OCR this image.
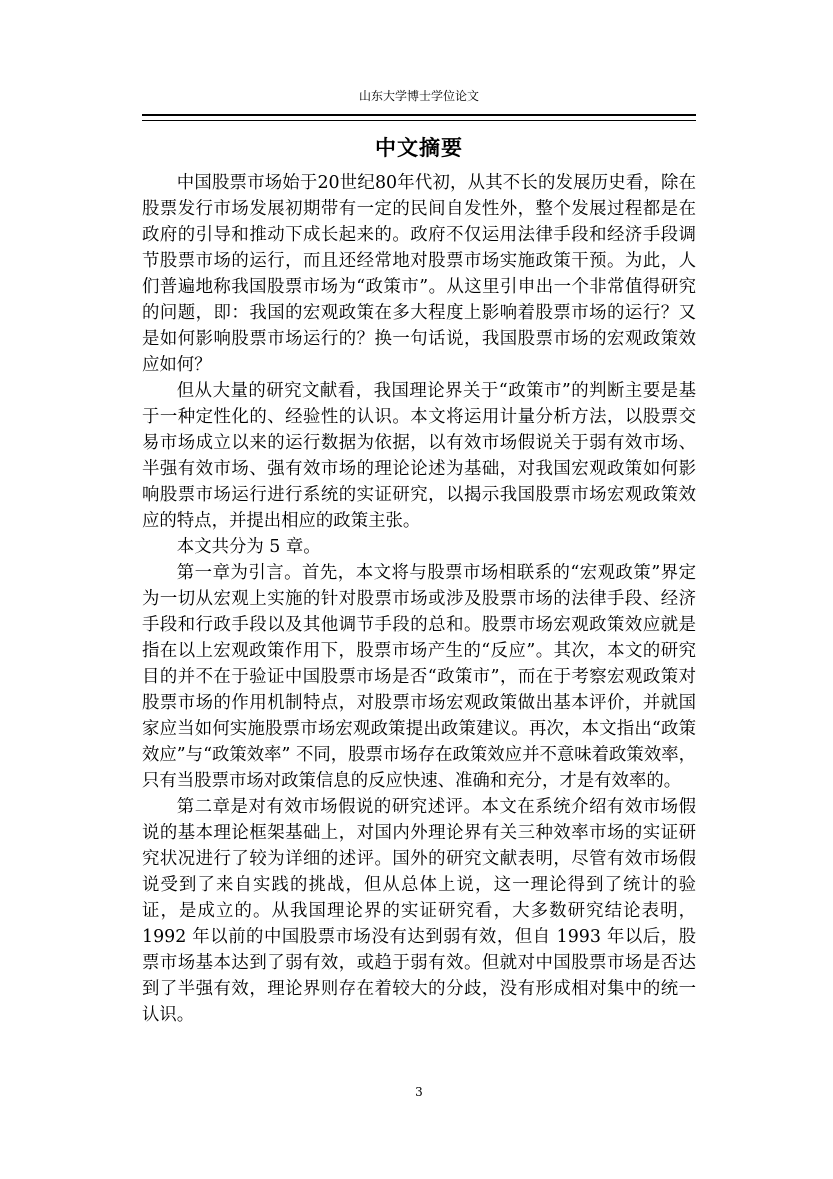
山东大学博士学位论文
中文摘要

中国股票市场始于20世纪80年代初，从其不长的发展历史看，除在股票发行市场发展初期带有一定的民间自发性外，整个发展过程都是在政府的引导和推动下成长起来的。政府不仅运用法律手段和经济手段调节股票市场的运行，而且还经常地对股票市场实施政策干预。为此，人们普遍地称我国股票市场为“政策市”。从这里引申出一个非常值得研究的问题，即：我国的宏观政策在多大程度上影响着股票市场的运行？又是如何影响股票市场运行的？换一句话说，我国股票市场的宏观政策效应如何？

但从大量的研究文献看，我国理论界关于“政策市”的判断主要是基于一种定性化的、经验性的认识。本文将运用计量分析方法，以股票交易市场成立以来的运行数据为依据，以有效市场假说关于弱有效市场、半强有效市场、强有效市场的理论论述为基础，对我国宏观政策如何影响股票市场运行进行系统的实证研究，以揭示我国股票市场宏观政策效应的特点，并提出相应的政策主张。

本文共分为 5 章。

第一章为引言。首先，本文将与股票市场相联系的“宏观政策”界定为一切从宏观上实施的针对股票市场或涉及股票市场的法律手段、经济手段和行政手段以及其他调节手段的总和。股票市场宏观政策效应就是指在以上宏观政策作用下，股票市场产生的“反应”。其次，本文的研究目的并不在于验证中国股票市场是否“政策市”，而在于考察宏观政策对股票市场的作用机制特点，对股票市场宏观政策做出基本评价，并就国家应当如何实施股票市场宏观政策提出政策建议。再次，本文指出“政策效应”与“政策效率” 不同，股票市场存在政策效应并不意味着政策效率，只有当股票市场对政策信息的反应快速、准确和充分，才是有效率的。

第二章是对有效市场假说的研究述评。本文在系统介绍有效市场假说的基本理论框架基础上，对国内外理论界有关三种效率市场的实证研究状况进行了较为详细的述评。国外的研究文献表明，尽管有效市场假说受到了来自实践的挑战，但从总体上说，这一理论得到了统计的验证，是成立的。从我国理论界的实证研究看，大多数研究结论表明，1992 年以前的中国股票市场没有达到弱有效，但自 1993 年以后，股票市场基本达到了弱有效，或趋于弱有效。但就对中国股票市场是否达到了半强有效，理论界则存在着较大的分歧，没有形成相对集中的统一认识。

3
